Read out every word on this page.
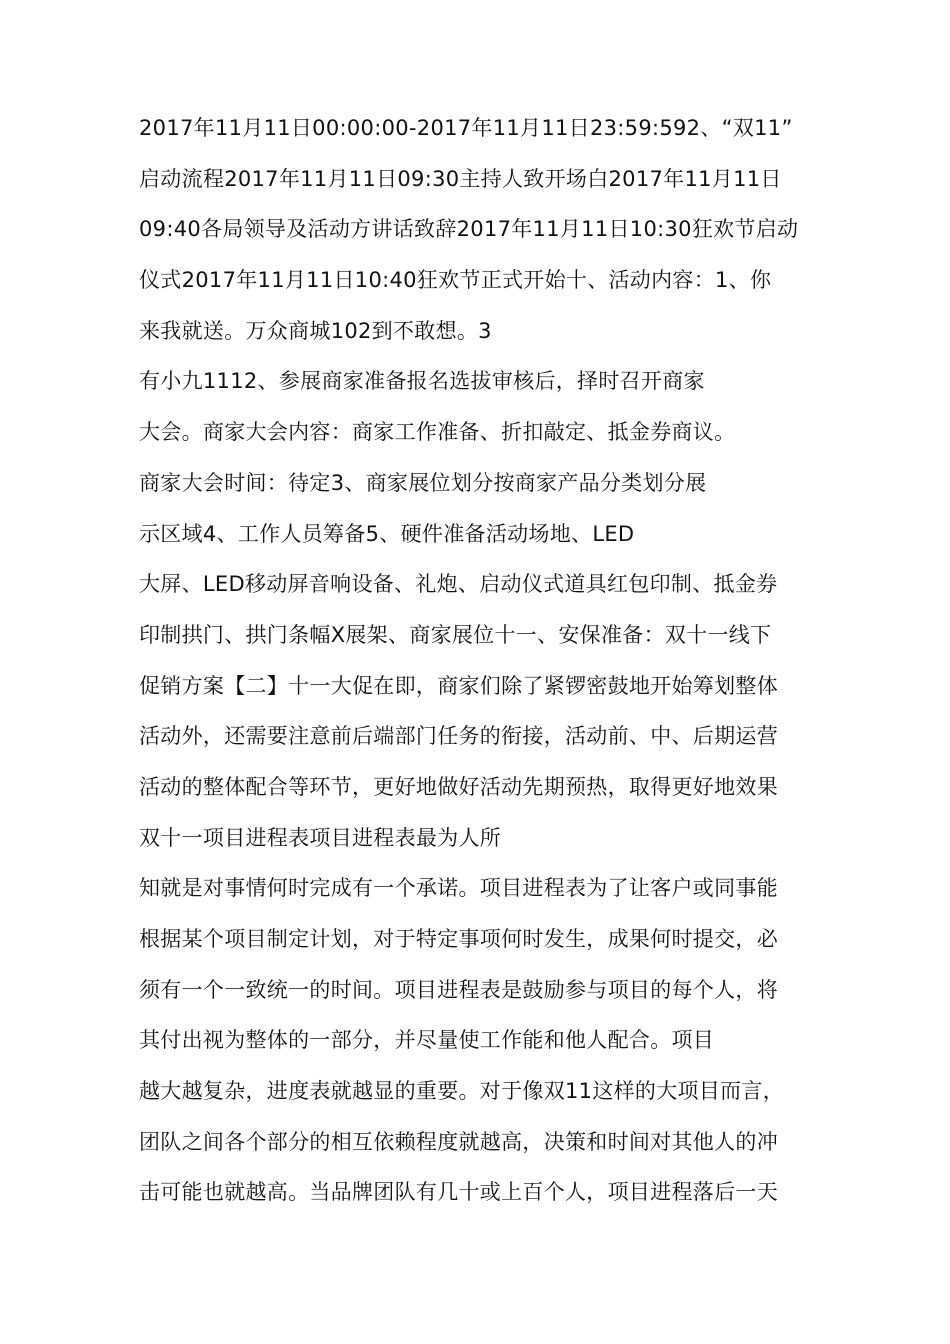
2017年11月11日00:00:00-2017年11月11日23:59:592、“双11”
启动流程2017年11月11日09:30主持人致开场白2017年11月11日
09:40各局领导及活动方讲话致辞2017年11月11日10:30狂欢节启动
仪式2017年11月11日10:40狂欢节正式开始十、活动内容：1、你
来我就送。万众商城102到不敢想。3
有小九1112、参展商家准备报名选拔审核后，择时召开商家
大会。商家大会内容：商家工作准备、折扣敲定、抵金券商议。
商家大会时间：待定3、商家展位划分按商家产品分类划分展
示区域4、工作人员筹备5、硬件准备活动场地、LED
大屏、LED移动屏音响设备、礼炮、启动仪式道具红包印制、抵金券
印制拱门、拱门条幅X展架、商家展位十一、安保准备：双十一线下
促销方案【二】十一大促在即，商家们除了紧锣密鼓地开始筹划整体
活动外，还需要注意前后端部门任务的衔接，活动前、中、后期运营
活动的整体配合等环节，更好地做好活动先期预热，取得更好地效果
双十一项目进程表项目进程表最为人所
知就是对事情何时完成有一个承诺。项目进程表为了让客户或同事能
根据某个项目制定计划，对于特定事项何时发生，成果何时提交，必
须有一个一致统一的时间。项目进程表是鼓励参与项目的每个人，将
其付出视为整体的一部分，并尽量使工作能和他人配合。项目
越大越复杂，进度表就越显的重要。对于像双11这样的大项目而言，
团队之间各个部分的相互依赖程度就越高，决策和时间对其他人的冲
击可能也就越高。当品牌团队有几十或上百个人，项目进程落后一天
